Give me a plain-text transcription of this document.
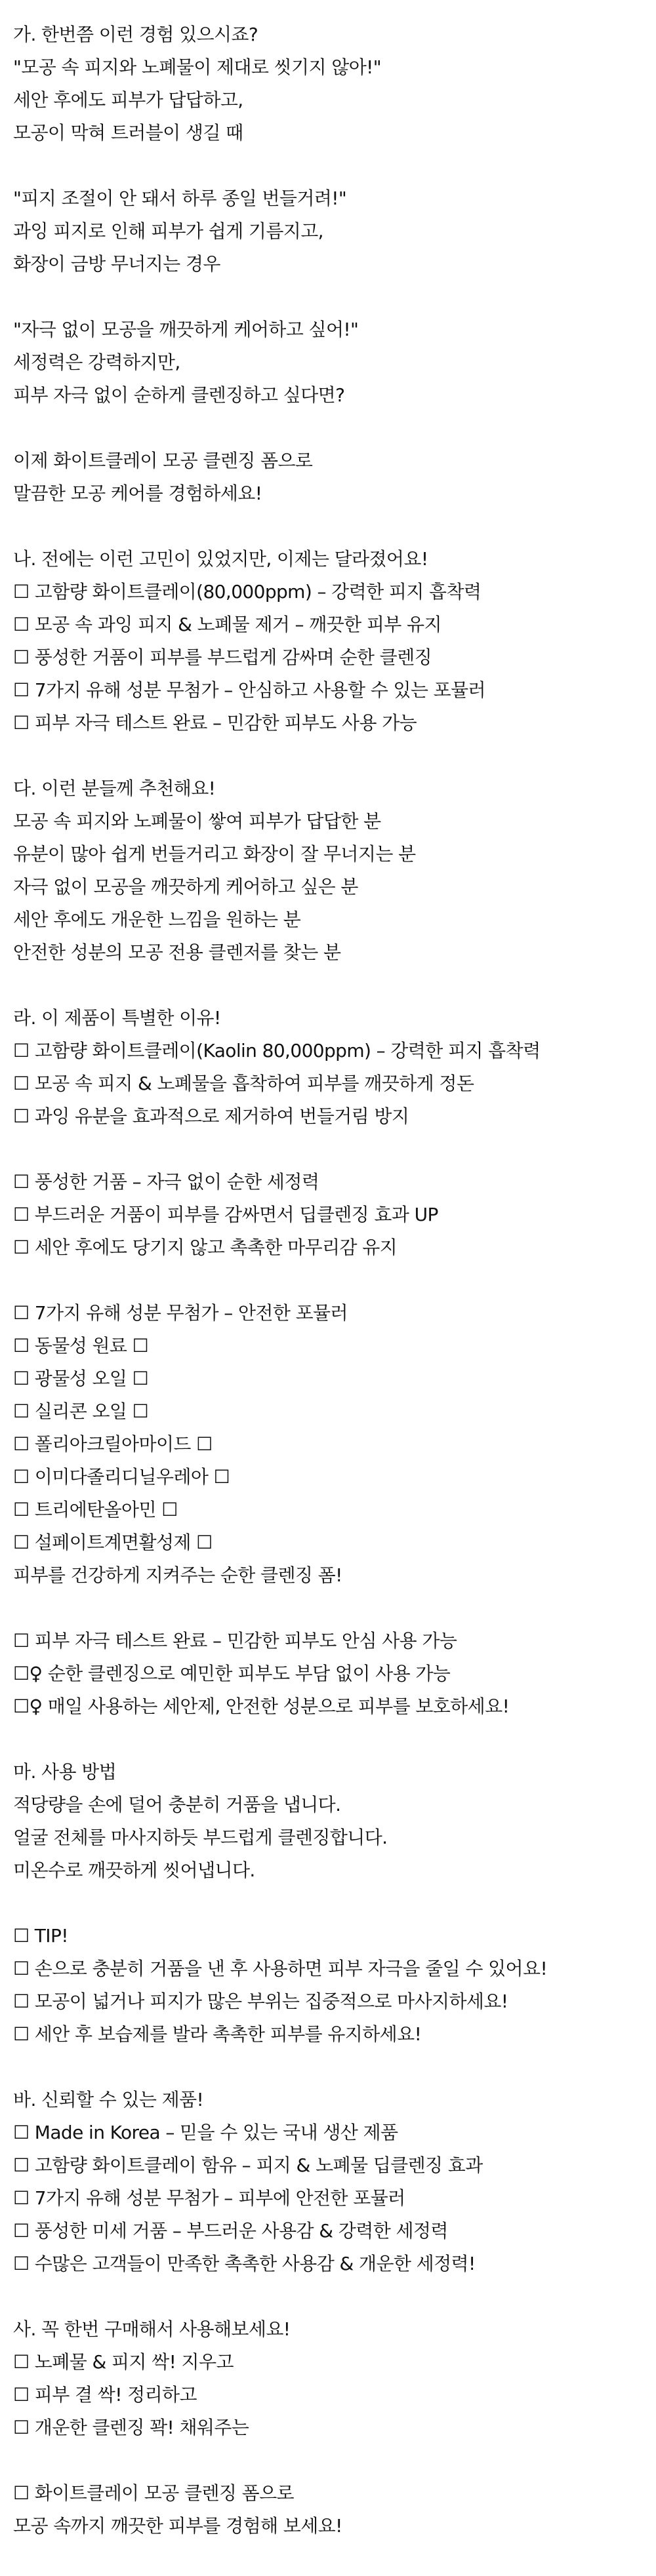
가. 한번쯤 이런 경험 있으시죠?
"모공 속 피지와 노폐물이 제대로 씻기지 않아!"
세안 후에도 피부가 답답하고,
모공이 막혀 트러블이 생길 때
"피지 조절이 안 돼서 하루 종일 번들거려!"
과잉 피지로 인해 피부가 쉽게 기름지고,
화장이 금방 무너지는 경우
"자극 없이 모공을 깨끗하게 케어하고 싶어!"
세정력은 강력하지만,
피부 자극 없이 순하게 클렌징하고 싶다면?
이제 화이트클레이 모공 클렌징 폼으로
말끔한 모공 케어를 경험하세요!
나. 전에는 이런 고민이 있었지만, 이제는 달라졌어요!
☐ 고함량 화이트클레이(80,000ppm) – 강력한 피지 흡착력
☐ 모공 속 과잉 피지 & 노폐물 제거 – 깨끗한 피부 유지
☐ 풍성한 거품이 피부를 부드럽게 감싸며 순한 클렌징
☐ 7가지 유해 성분 무첨가 – 안심하고 사용할 수 있는 포뮬러
☐ 피부 자극 테스트 완료 – 민감한 피부도 사용 가능
다. 이런 분들께 추천해요!
모공 속 피지와 노폐물이 쌓여 피부가 답답한 분
유분이 많아 쉽게 번들거리고 화장이 잘 무너지는 분
자극 없이 모공을 깨끗하게 케어하고 싶은 분
세안 후에도 개운한 느낌을 원하는 분
안전한 성분의 모공 전용 클렌저를 찾는 분
라. 이 제품이 특별한 이유!
☐ 고함량 화이트클레이(Kaolin 80,000ppm) – 강력한 피지 흡착력
☐ 모공 속 피지 & 노폐물을 흡착하여 피부를 깨끗하게 정돈
☐ 과잉 유분을 효과적으로 제거하여 번들거림 방지
☐ 풍성한 거품 – 자극 없이 순한 세정력
☐ 부드러운 거품이 피부를 감싸면서 딥클렌징 효과 UP
☐ 세안 후에도 당기지 않고 촉촉한 마무리감 유지
☐ 7가지 유해 성분 무첨가 – 안전한 포뮬러
☐ 동물성 원료 ☐
☐ 광물성 오일 ☐
☐ 실리콘 오일 ☐
☐ 폴리아크릴아마이드 ☐
☐ 이미다졸리디닐우레아 ☐
☐ 트리에탄올아민 ☐
☐ 설페이트계면활성제 ☐
피부를 건강하게 지켜주는 순한 클렌징 폼!
☐ 피부 자극 테스트 완료 – 민감한 피부도 안심 사용 가능
☐♀ 순한 클렌징으로 예민한 피부도 부담 없이 사용 가능
☐♀ 매일 사용하는 세안제, 안전한 성분으로 피부를 보호하세요!
마. 사용 방법
적당량을 손에 덜어 충분히 거품을 냅니다.
얼굴 전체를 마사지하듯 부드럽게 클렌징합니다.
미온수로 깨끗하게 씻어냅니다.
☐ TIP!
☐ 손으로 충분히 거품을 낸 후 사용하면 피부 자극을 줄일 수 있어요!
☐ 모공이 넓거나 피지가 많은 부위는 집중적으로 마사지하세요!
☐ 세안 후 보습제를 발라 촉촉한 피부를 유지하세요!
바. 신뢰할 수 있는 제품!
☐ Made in Korea – 믿을 수 있는 국내 생산 제품
☐ 고함량 화이트클레이 함유 – 피지 & 노폐물 딥클렌징 효과
☐ 7가지 유해 성분 무첨가 – 피부에 안전한 포뮬러
☐ 풍성한 미세 거품 – 부드러운 사용감 & 강력한 세정력
☐ 수많은 고객들이 만족한 촉촉한 사용감 & 개운한 세정력!
사. 꼭 한번 구매해서 사용해보세요!
☐ 노폐물 & 피지 싹! 지우고
☐ 피부 결 싹! 정리하고
☐ 개운한 클렌징 꽉! 채워주는
☐ 화이트클레이 모공 클렌징 폼으로
모공 속까지 깨끗한 피부를 경험해 보세요!
